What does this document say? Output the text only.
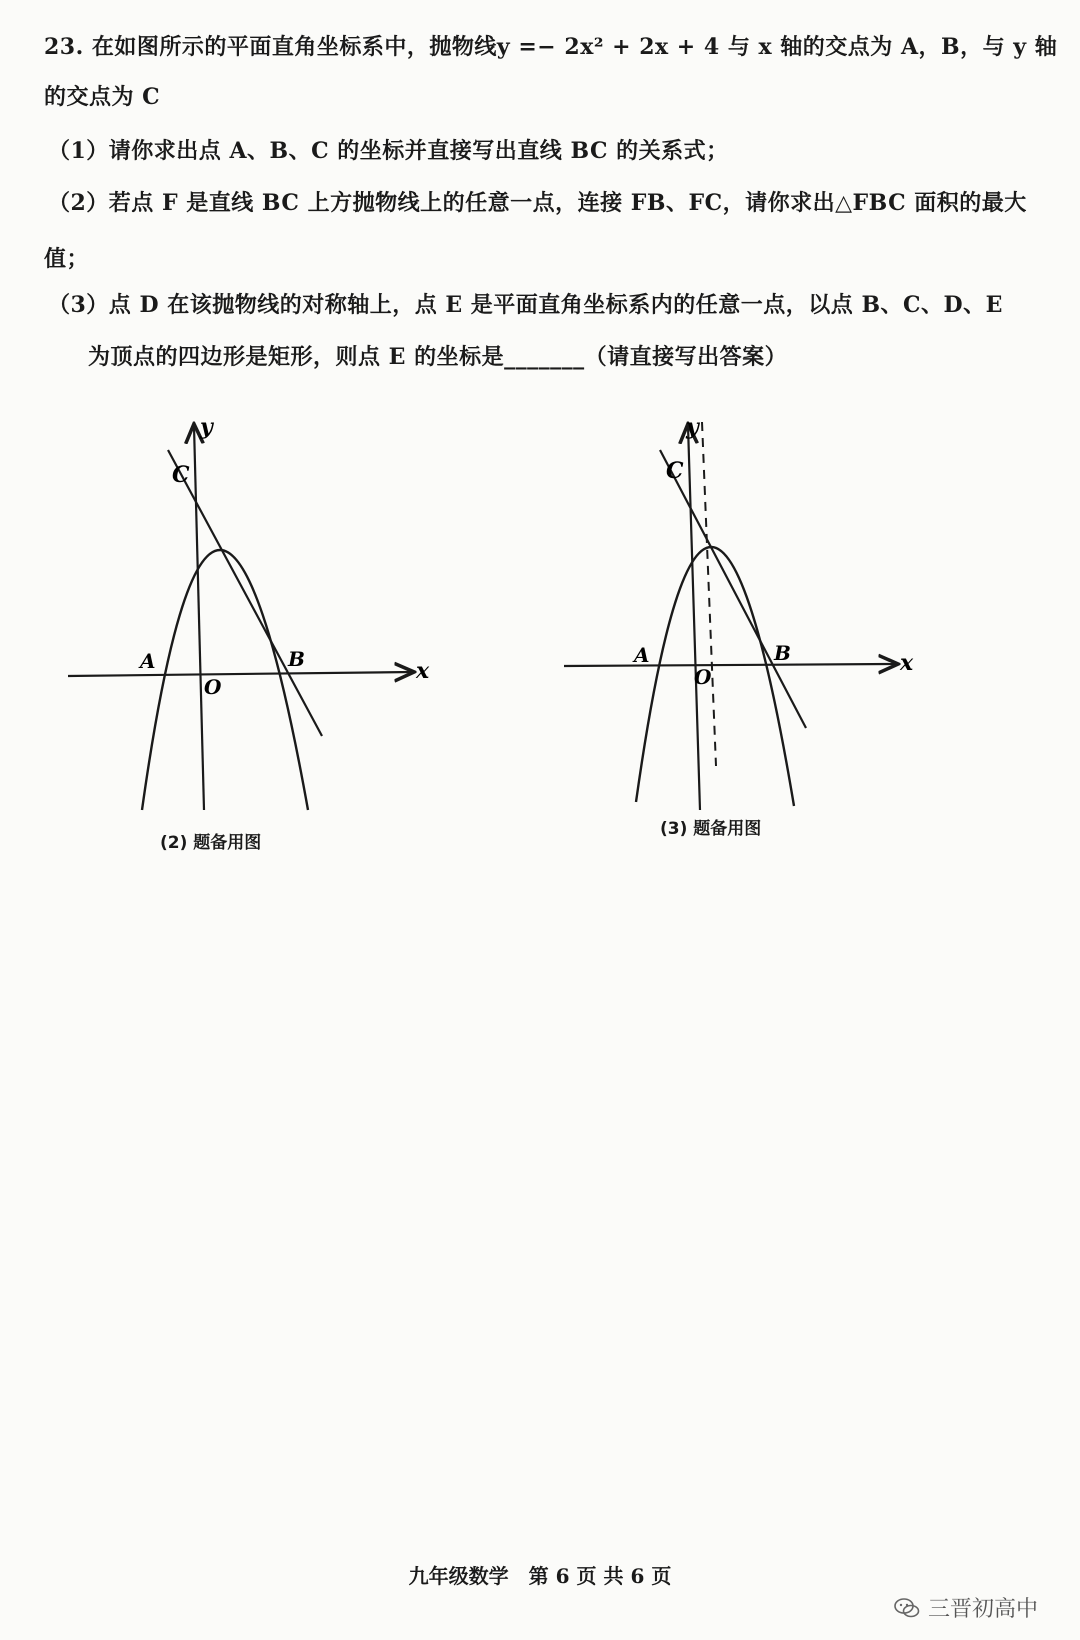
23. 在如图所示的平面直角坐标系中，抛物线y =− 2x² + 2x + 4 与 x 轴的交点为 A，B，与 y 轴
的交点为 C
（1）请你求出点 A、B、C 的坐标并直接写出直线 BC 的关系式；
（2）若点 F 是直线 BC 上方抛物线上的任意一点，连接 FB、FC，请你求出△FBC 面积的最大
值；
（3）点 D 在该抛物线的对称轴上，点 E 是平面直角坐标系内的任意一点，以点 B、C、D、E
为顶点的四边形是矩形，则点 E 的坐标是_______（请直接写出答案）
y
x
C
A	B
O
(2) 题备用图
y
x
C
A	B
O
(3) 题备用图
九年级数学　第 6 页 共 6 页
三晋初高中
